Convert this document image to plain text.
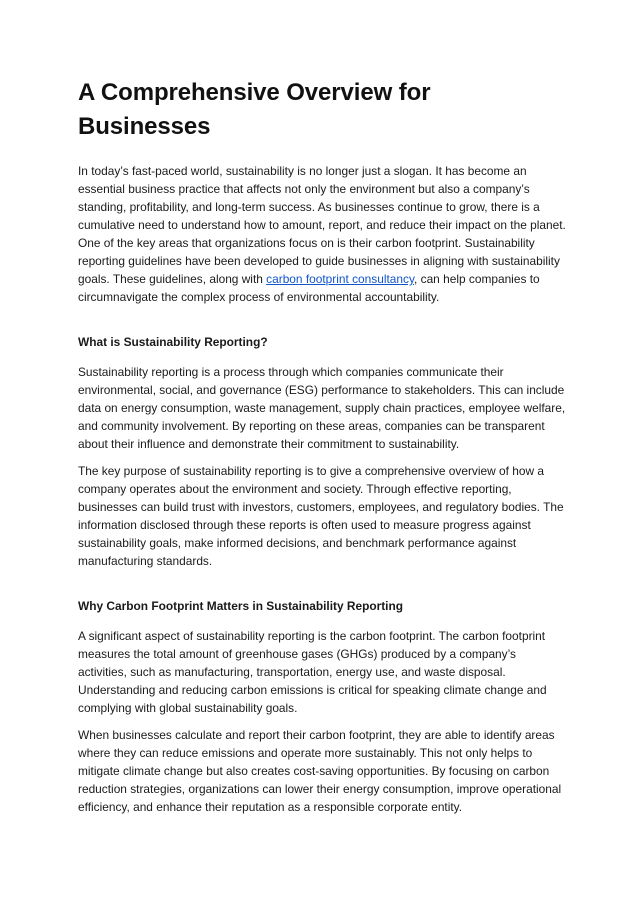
A Comprehensive Overview for Businesses

In today’s fast-paced world, sustainability is no longer just a slogan. It has become an essential business practice that affects not only the environment but also a company’s standing, profitability, and long-term success. As businesses continue to grow, there is a cumulative need to understand how to amount, report, and reduce their impact on the planet. One of the key areas that organizations focus on is their carbon footprint. Sustainability reporting guidelines have been developed to guide businesses in aligning with sustainability goals. These guidelines, along with carbon footprint consultancy, can help companies to circumnavigate the complex process of environmental accountability.

What is Sustainability Reporting?

Sustainability reporting is a process through which companies communicate their environmental, social, and governance (ESG) performance to stakeholders. This can include data on energy consumption, waste management, supply chain practices, employee welfare, and community involvement. By reporting on these areas, companies can be transparent about their influence and demonstrate their commitment to sustainability.

The key purpose of sustainability reporting is to give a comprehensive overview of how a company operates about the environment and society. Through effective reporting, businesses can build trust with investors, customers, employees, and regulatory bodies. The information disclosed through these reports is often used to measure progress against sustainability goals, make informed decisions, and benchmark performance against manufacturing standards.

Why Carbon Footprint Matters in Sustainability Reporting

A significant aspect of sustainability reporting is the carbon footprint. The carbon footprint measures the total amount of greenhouse gases (GHGs) produced by a company’s activities, such as manufacturing, transportation, energy use, and waste disposal. Understanding and reducing carbon emissions is critical for speaking climate change and complying with global sustainability goals.

When businesses calculate and report their carbon footprint, they are able to identify areas where they can reduce emissions and operate more sustainably. This not only helps to mitigate climate change but also creates cost-saving opportunities. By focusing on carbon reduction strategies, organizations can lower their energy consumption, improve operational efficiency, and enhance their reputation as a responsible corporate entity.
